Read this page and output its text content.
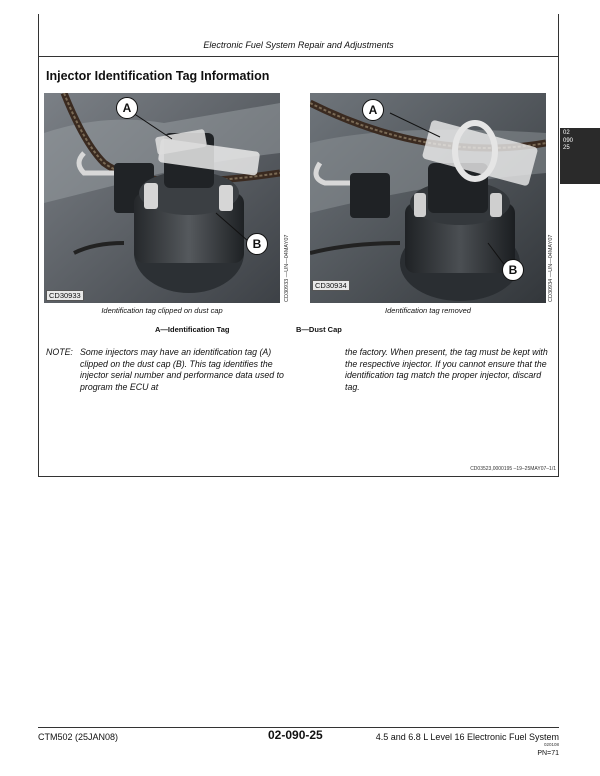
Electronic Fuel System Repair and Adjustments
Injector Identification Tag Information
A
B
CD30933	CD30933 —UN—04MAY07
Identification tag clipped on dust cap
A
B
CD30934	CD30934 —UN—04MAY07
Identification tag removed
A—Identification Tag	B—Dust Cap
NOTE: Some injectors may have an identification tag (A) clipped on the dust cap (B). This tag identifies the injector serial number and performance data used to program the ECU at
the factory. When present, the tag must be kept with the respective injector. If you cannot ensure that the identification tag match the proper injector, discard tag.
CD03523,0000195 –19–25MAY07–1/1
02
090
25
CTM502 (25JAN08)	02-090-25	4.5 and 6.8 L Level 16 Electronic Fuel System
020108
PN=71
